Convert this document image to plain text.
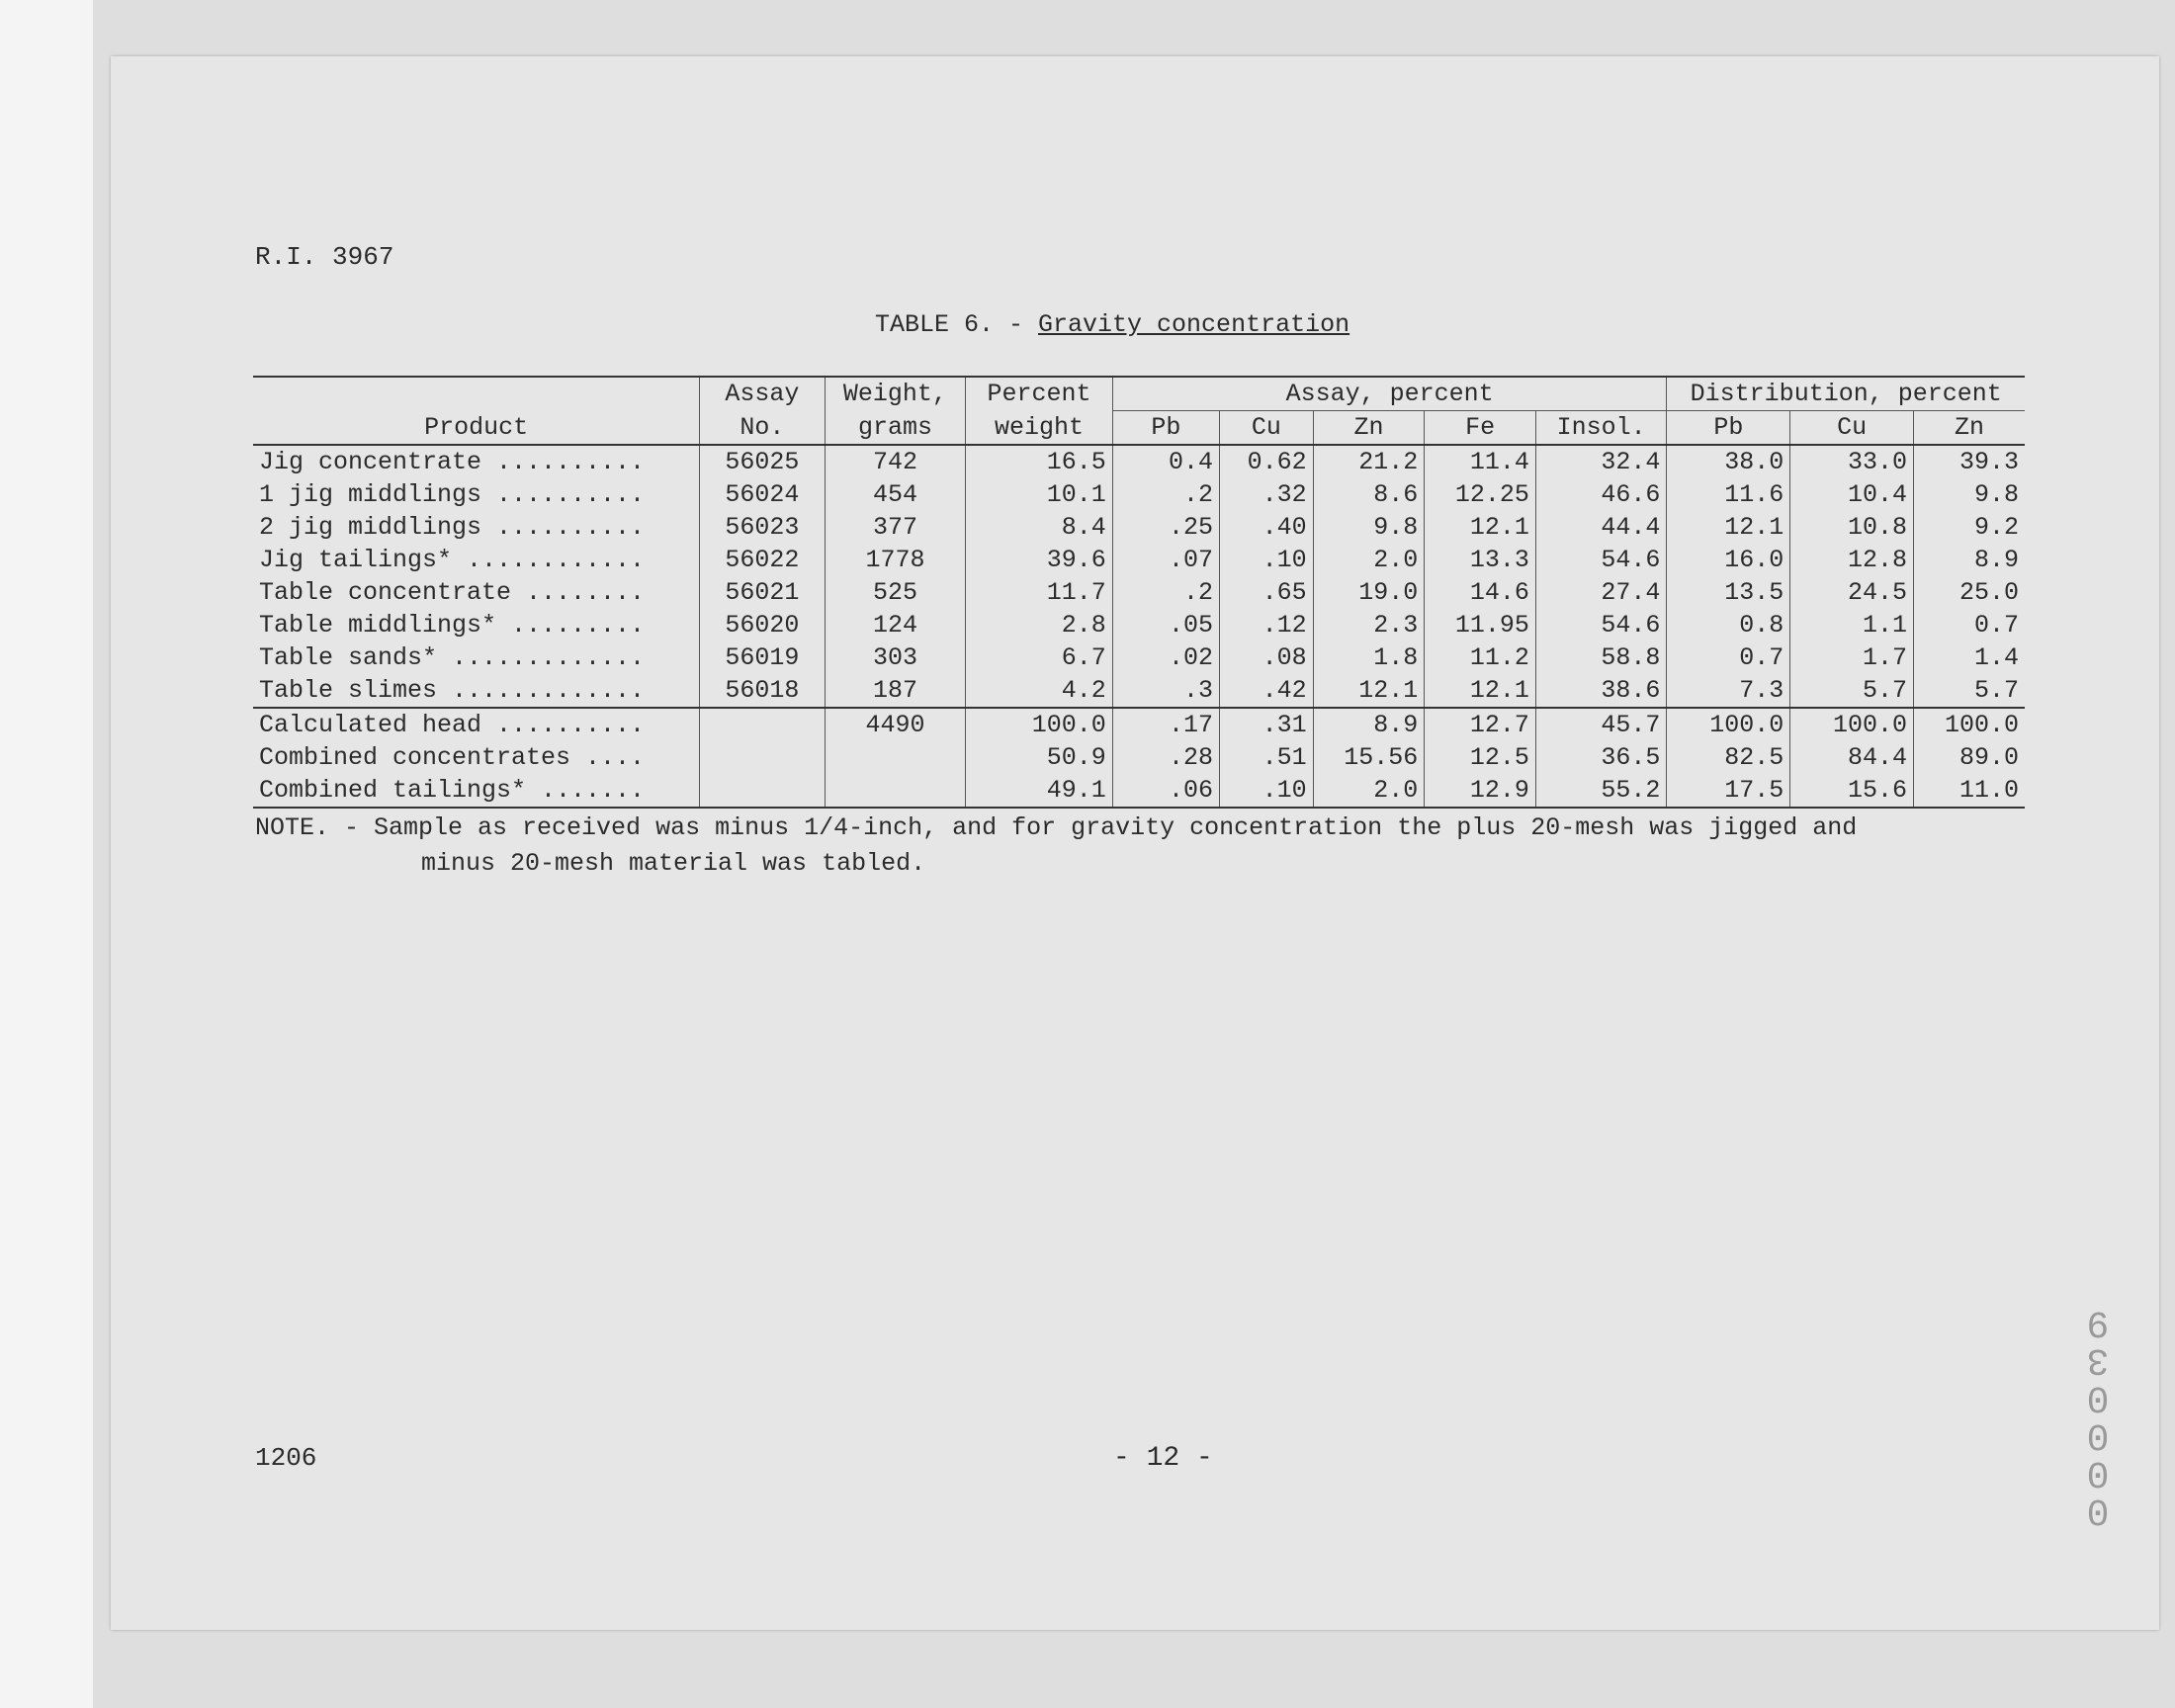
R.I. 3967
TABLE 6. - Gravity concentration
Product	Assay	Weight,	Percent	Assay, percent					Distribution, percent		
	No.	grams	weight	Pb	Cu	Zn	Fe	Insol.	Pb	Cu	Zn
Jig concentrate ..........	56025	742	16.5	0.4	0.62	21.2	11.4	32.4	38.0	33.0	39.3
1 jig middlings ..........	56024	454	10.1	.2	.32	8.6	12.25	46.6	11.6	10.4	9.8
2 jig middlings ..........	56023	377	8.4	.25	.40	9.8	12.1	44.4	12.1	10.8	9.2
Jig tailings* ............	56022	1778	39.6	.07	.10	2.0	13.3	54.6	16.0	12.8	8.9
Table concentrate ........	56021	525	11.7	.2	.65	19.0	14.6	27.4	13.5	24.5	25.0
Table middlings* .........	56020	124	2.8	.05	.12	2.3	11.95	54.6	0.8	1.1	0.7
Table sands* .............	56019	303	6.7	.02	.08	1.8	11.2	58.8	0.7	1.7	1.4
Table slimes .............	56018	187	4.2	.3	.42	12.1	12.1	38.6	7.3	5.7	5.7
Calculated head ..........		4490	100.0	.17	.31	8.9	12.7	45.7	100.0	100.0	100.0
Combined concentrates ....			50.9	.28	.51	15.56	12.5	36.5	82.5	84.4	89.0
Combined tailings* .......			49.1	.06	.10	2.0	12.9	55.2	17.5	15.6	11.0
NOTE. - Sample as received was minus 1/4-inch, and for gravity concentration the plus 20-mesh was jigged and
minus 20-mesh material was tabled.
1206	- 12 -
0
0
0
0
3
9
